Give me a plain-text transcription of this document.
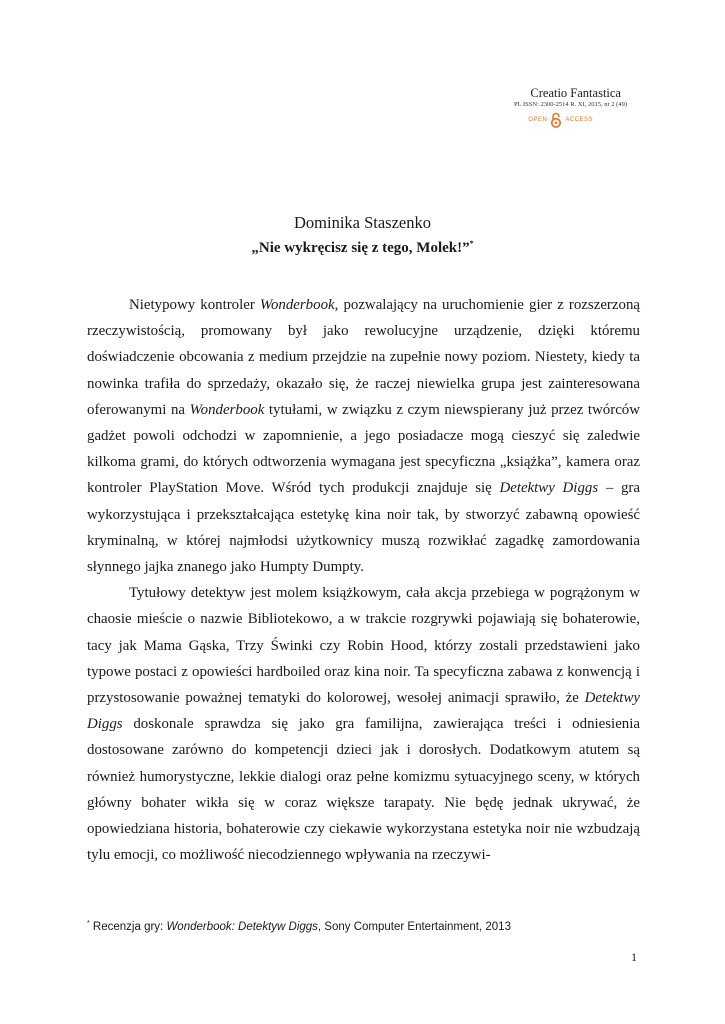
Creatio Fantastica
PL ISSN: 2300-2514 R. XI, 2015, nr 2 (49)
OPEN	ACCESS
Dominika Staszenko
„Nie wykręcisz się z tego, Molek!”*

Nietypowy kontroler Wonderbook, pozwalający na uruchomienie gier z rozszerzoną rzeczywistością, promowany był jako rewolucyjne urządzenie, dzięki któremu doświadczenie obcowania z medium przejdzie na zupełnie nowy poziom. Niestety, kiedy ta nowinka trafiła do sprzedaży, okazało się, że raczej niewielka grupa jest zainteresowana oferowanymi na Wonderbook tytułami, w związku z czym niewspierany już przez twórców gadżet powoli odchodzi w zapomnienie, a jego posiadacze mogą cieszyć się zaledwie kilkoma grami, do których odtworzenia wymagana jest specyficzna „książka”, kamera oraz kontroler PlayStation Move. Wśród tych produkcji znajduje się Detektwy Diggs – gra wykorzystująca i przekształcająca estetykę kina noir tak, by stworzyć zabawną opowieść kryminalną, w której najmłodsi użytkownicy muszą rozwikłać zagadkę zamordowania słynnego jajka znanego jako Humpty Dumpty.

Tytułowy detektyw jest molem książkowym, cała akcja przebiega w pogrążonym w chaosie mieście o nazwie Bibliotekowo, a w trakcie rozgrywki pojawiają się bohaterowie, tacy jak Mama Gąska, Trzy Świnki czy Robin Hood, którzy zostali przedstawieni jako typowe postaci z opowieści hardboiled oraz kina noir. Ta specyficzna zabawa z konwencją i przystosowanie poważnej tematyki do kolorowej, wesołej animacji sprawiło, że Detektwy Diggs doskonale sprawdza się jako gra familijna, zawierająca treści i odniesienia dostosowane zarówno do kompetencji dzieci jak i dorosłych. Dodatkowym atutem są również humorystyczne, lekkie dialogi oraz pełne komizmu sytuacyjnego sceny, w których główny bohater wikła się w coraz większe tarapaty. Nie będę jednak ukrywać, że opowiedziana historia, bohaterowie czy ciekawie wykorzystana estetyka noir nie wzbudzają tylu emocji, co możliwość niecodziennego wpływania na rzeczywi-

* Recenzja gry: Wonderbook: Detektyw Diggs, Sony Computer Entertainment, 2013
1
